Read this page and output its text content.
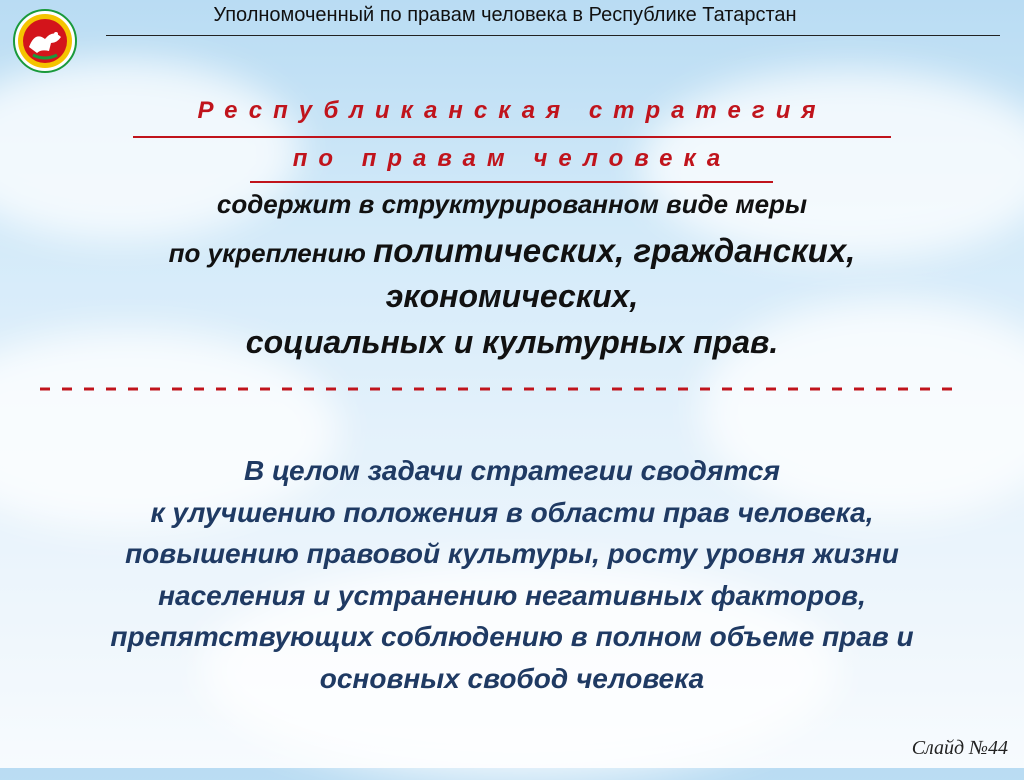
Уполномоченный по правам человека в Республике Татарстан
Республиканская стратегия
по правам человека
содержит в структурированном виде меры
по укреплению политических, гражданских,
экономических,
социальных и культурных прав.

В целом задачи стратегии сводятся
к улучшению положения в области прав человека,
повышению правовой культуры, росту уровня жизни
населения и устранению негативных факторов,
препятствующих соблюдению в полном объеме прав и
основных свобод человека

Слайд №44
